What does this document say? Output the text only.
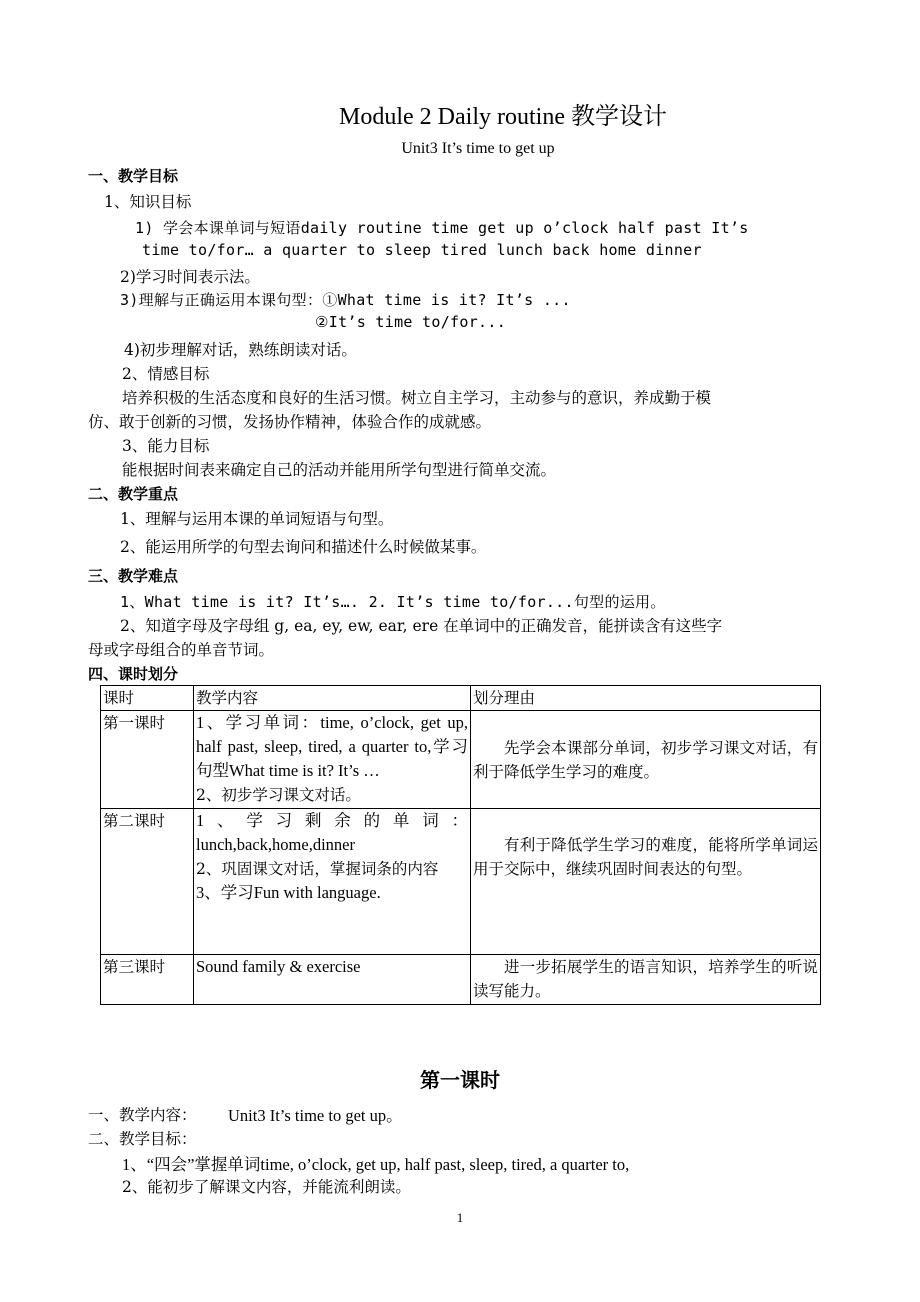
Module 2 Daily routine 教学设计
Unit3 It’s time to get up
一、教学目标
1、知识目标
1) 学会本课单词与短语daily routine time get up o’clock half past It’s
time to/for… a quarter to sleep tired lunch back home dinner
2)学习时间表示法。
3)理解与正确运用本课句型：①What time is it? It’s ...
②It’s time to/for...
4)初步理解对话，熟练朗读对话。
2、情感目标
培养积极的生活态度和良好的生活习惯。树立自主学习，主动参与的意识，养成勤于模
仿、敢于创新的习惯，发扬协作精神，体验合作的成就感。
3、能力目标
能根据时间表来确定自己的活动并能用所学句型进行简单交流。
二、教学重点
1、理解与运用本课的单词短语与句型。
2、能运用所学的句型去询问和描述什么时候做某事。
三、教学难点
1、What time is it? It’s…. 2. It’s time to/for...句型的运用。
2、知道字母及字母组 g, ea, ey, ew, ear, ere 在单词中的正确发音，能拼读含有这些字
母或字母组合的单音节词。
四、课时划分
课时	教学内容	划分理由
第一课时	1、学习单词：time, o’clock, get up, half past, sleep, tired, a quarter to,学习句型What time is it? It’s …
2、初步学习课文对话。	先学会本课部分单词，初步学习课文对话，有利于降低学生学习的难度。
第二课时	1、学习剩余的单词：lunch,back,home,dinner
2、巩固课文对话，掌握词条的内容
3、学习Fun with language.	有利于降低学生学习的难度，能将所学单词运用于交际中，继续巩固时间表达的句型。
第三课时	Sound family & exercise	进一步拓展学生的语言知识，培养学生的听说读写能力。
第一课时
一、教学内容： Unit3 It’s time to get up。
二、教学目标：
1、“四会”掌握单词time, o’clock, get up, half past, sleep, tired, a quarter to,
2、能初步了解课文内容，并能流利朗读。
1
